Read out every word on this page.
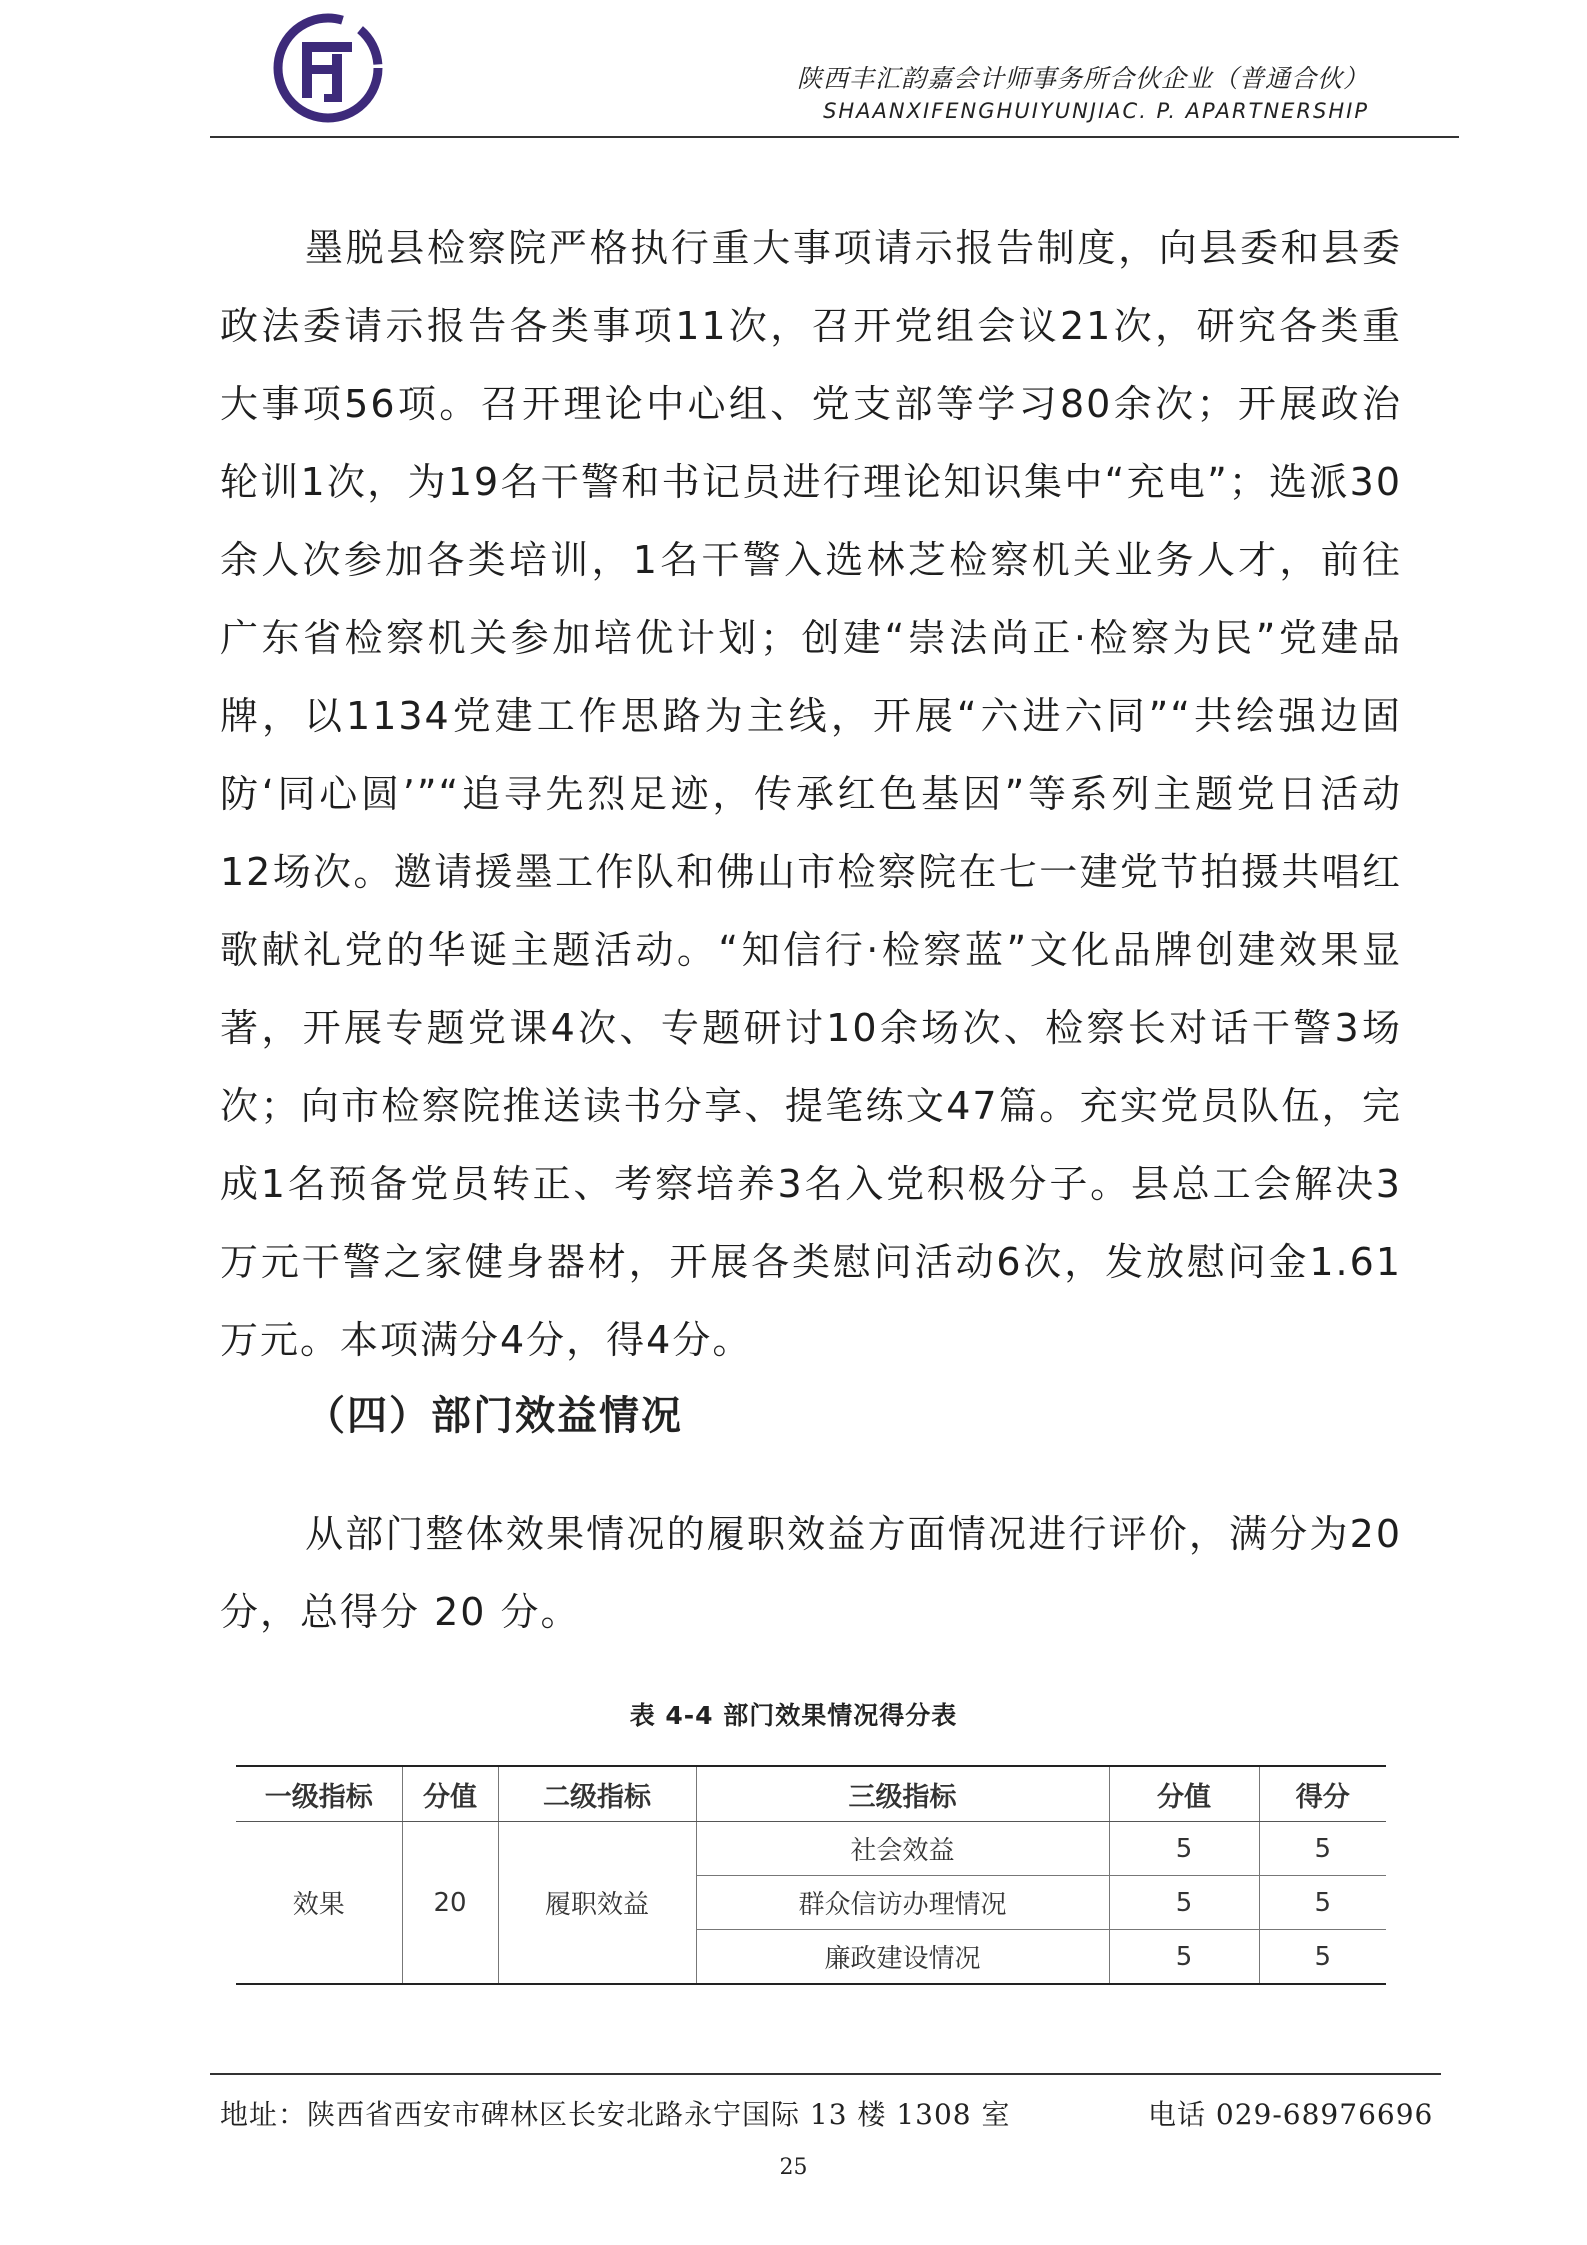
陕西丰汇韵嘉会计师事务所合伙企业（普通合伙）
SHAANXIFENGHUIYUNJIAC. P. APARTNERSHIP

墨脱县检察院严格执行重大事项请示报告制度，向县委和县委政法委请示报告各类事项11次，召开党组会议21次，研究各类重大事项56项。召开理论中心组、党支部等学习80余次；开展政治轮训1次，为19名干警和书记员进行理论知识集中“充电”；选派30余人次参加各类培训，1名干警入选林芝检察机关业务人才，前往广东省检察机关参加培优计划；创建“崇法尚正·检察为民”党建品牌，以1134党建工作思路为主线，开展“六进六同”“共绘强边固防‘同心圆’”“追寻先烈足迹，传承红色基因”等系列主题党日活动12场次。邀请援墨工作队和佛山市检察院在七一建党节拍摄共唱红歌献礼党的华诞主题活动。“知信行·检察蓝”文化品牌创建效果显著，开展专题党课4次、专题研讨10余场次、检察长对话干警3场次；向市检察院推送读书分享、提笔练文47篇。充实党员队伍，完成1名预备党员转正、考察培养3名入党积极分子。县总工会解决3万元干警之家健身器材，开展各类慰问活动6次，发放慰问金1.61万元。本项满分4分，得4分。

（四）部门效益情况

从部门整体效果情况的履职效益方面情况进行评价，满分为20 分，总得分 20 分。

表 4-4 部门效果情况得分表

一级指标	分值	二级指标	三级指标	分值	得分
效果	20	履职效益	社会效益	5	5
			群众信访办理情况	5	5
			廉政建设情况	5	5
地址：陕西省西安市碑林区长安北路永宁国际 13 楼 1308 室	电话 029-68976696
25
